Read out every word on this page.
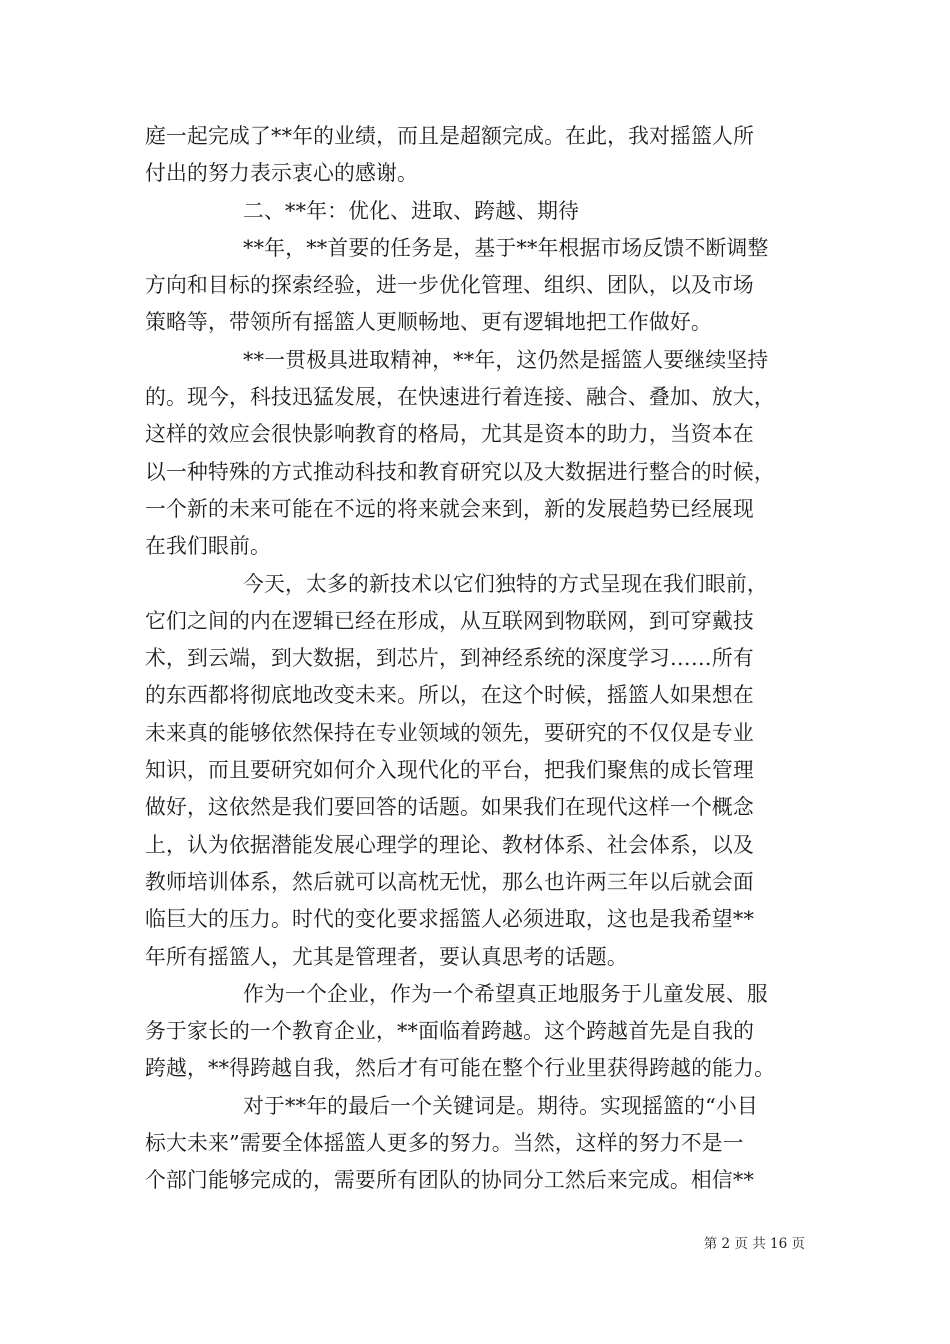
庭一起完成了**年的业绩，而且是超额完成。在此，我对摇篮人所
付出的努力表示衷心的感谢。
二、**年：优化、进取、跨越、期待
**年，**首要的任务是，基于**年根据市场反馈不断调整
方向和目标的探索经验，进一步优化管理、组织、团队，以及市场
策略等，带领所有摇篮人更顺畅地、更有逻辑地把工作做好。
**一贯极具进取精神，**年，这仍然是摇篮人要继续坚持
的。现今，科技迅猛发展，在快速进行着连接、融合、叠加、放大，
这样的效应会很快影响教育的格局，尤其是资本的助力，当资本在
以一种特殊的方式推动科技和教育研究以及大数据进行整合的时候，
一个新的未来可能在不远的将来就会来到，新的发展趋势已经展现
在我们眼前。
今天，太多的新技术以它们独特的方式呈现在我们眼前，
它们之间的内在逻辑已经在形成，从互联网到物联网，到可穿戴技
术，到云端，到大数据，到芯片，到神经系统的深度学习……所有
的东西都将彻底地改变未来。所以，在这个时候，摇篮人如果想在
未来真的能够依然保持在专业领域的领先，要研究的不仅仅是专业
知识，而且要研究如何介入现代化的平台，把我们聚焦的成长管理
做好，这依然是我们要回答的话题。如果我们在现代这样一个概念
上，认为依据潜能发展心理学的理论、教材体系、社会体系，以及
教师培训体系，然后就可以高枕无忧，那么也许两三年以后就会面
临巨大的压力。时代的变化要求摇篮人必须进取，这也是我希望**
年所有摇篮人，尤其是管理者，要认真思考的话题。
作为一个企业，作为一个希望真正地服务于儿童发展、服
务于家长的一个教育企业，**面临着跨越。这个跨越首先是自我的
跨越，**得跨越自我，然后才有可能在整个行业里获得跨越的能力。
对于**年的最后一个关键词是。期待。实现摇篮的“小目
标大未来”需要全体摇篮人更多的努力。当然，这样的努力不是一
个部门能够完成的，需要所有团队的协同分工然后来完成。相信**
第 2 页 共 16 页
